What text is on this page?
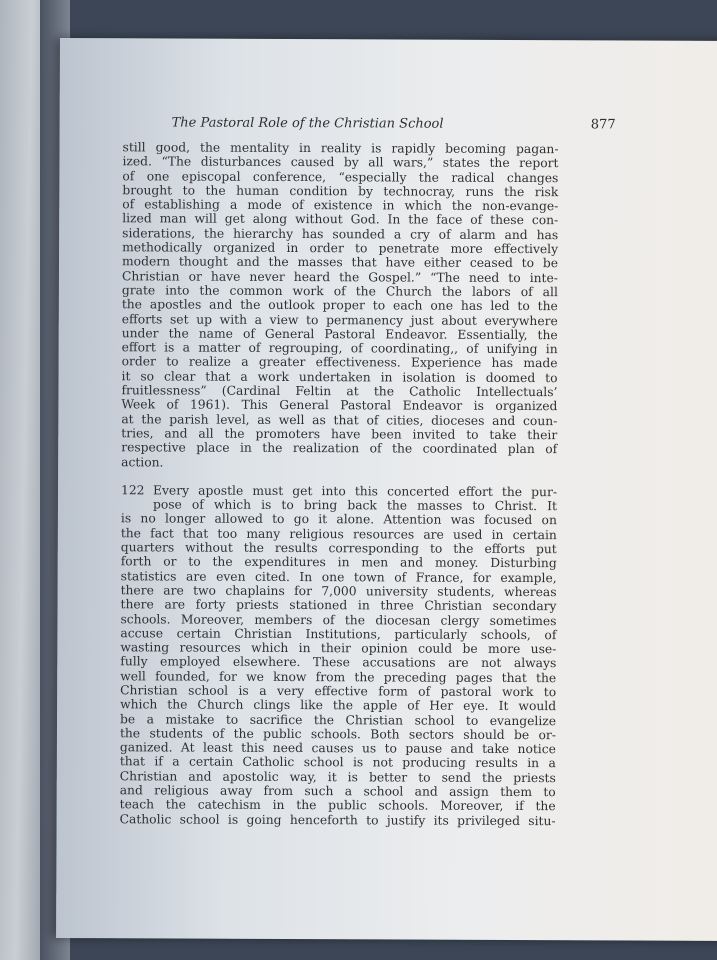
The Pastoral Role of the Christian School	877
still good, the mentality in reality is rapidly becoming pagan-
ized. “The disturbances caused by all wars,” states the report
of one episcopal conference, “especially the radical changes
brought to the human condition by technocray, runs the risk
of establishing a mode of existence in which the non-evange-
lized man will get along without God. In the face of these con-
siderations, the hierarchy has sounded a cry of alarm and has
methodically organized in order to penetrate more effectively
modern thought and the masses that have either ceased to be
Christian or have never heard the Gospel.” “The need to inte-
grate into the common work of the Church the labors of all
the apostles and the outlook proper to each one has led to the
efforts set up with a view to permanency just about everywhere
under the name of General Pastoral Endeavor. Essentially, the
effort is a matter of regrouping, of coordinating,, of unifying in
order to realize a greater effectiveness. Experience has made
it so clear that a work undertaken in isolation is doomed to
fruitlessness” (Cardinal Feltin at the Catholic Intellectuals’
Week of 1961). This General Pastoral Endeavor is organized
at the parish level, as well as that of cities, dioceses and coun-
tries, and all the promoters have been invited to take their
respective place in the realization of the coordinated plan of
action.
122 Every apostle must get into this concerted effort the pur-
pose of which is to bring back the masses to Christ. It
is no longer allowed to go it alone. Attention was focused on
the fact that too many religious resources are used in certain
quarters without the results corresponding to the efforts put
forth or to the expenditures in men and money. Disturbing
statistics are even cited. In one town of France, for example,
there are two chaplains for 7,000 university students, whereas
there are forty priests stationed in three Christian secondary
schools. Moreover, members of the diocesan clergy sometimes
accuse certain Christian Institutions, particularly schools, of
wasting resources which in their opinion could be more use-
fully employed elsewhere. These accusations are not always
well founded, for we know from the preceding pages that the
Christian school is a very effective form of pastoral work to
which the Church clings like the apple of Her eye. It would
be a mistake to sacrifice the Christian school to evangelize
the students of the public schools. Both sectors should be or-
ganized. At least this need causes us to pause and take notice
that if a certain Catholic school is not producing results in a
Christian and apostolic way, it is better to send the priests
and religious away from such a school and assign them to
teach the catechism in the public schools. Moreover, if the
Catholic school is going henceforth to justify its privileged situ-
